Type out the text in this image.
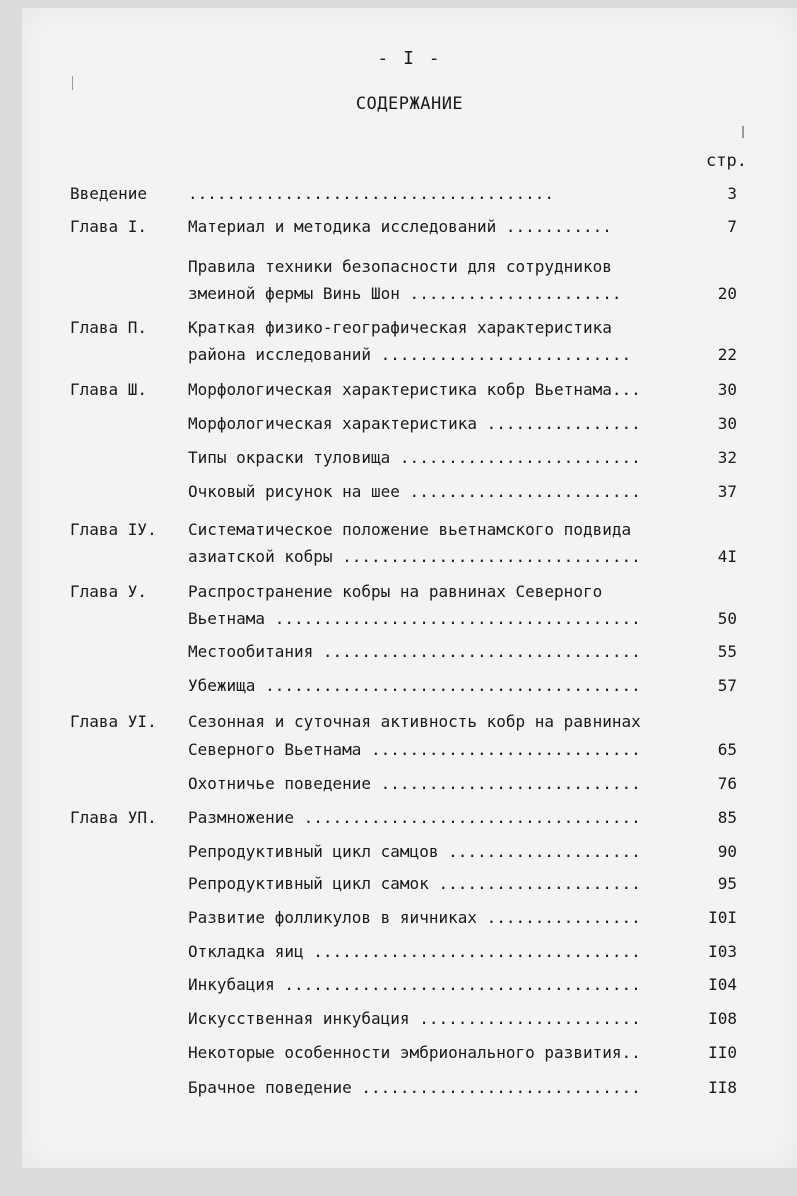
- I -
СОДЕРЖАНИЕ
стр.
Введение	......................................	3
Глава I.	Материал и методика исследований ...........	7
Правила техники безопасности для сотрудников
змеиной фермы Винь Шон ......................	20
Глава П.	Краткая физико-географическая характеристика
района исследований ..........................	22
Глава Ш.	Морфологическая характеристика кобр Вьетнама...	30
Морфологическая характеристика ................	30
Типы окраски туловища .........................	32
Очковый рисунок на шее ........................	37
Глава IУ. Систематическое положение вьетнамского подвида
азиатской кобры ...............................	4I
Глава У.	Распространение кобры на равнинах Северного
Вьетнама ......................................	50
Местообитания .................................	55
Убежища .......................................	57
Глава УI. Сезонная и суточная активность кобр на равнинах
Северного Вьетнама ............................	65
Охотничье поведение ...........................	76
Глава УП. Размножение ...................................	85
Репродуктивный цикл самцов ....................	90
Репродуктивный цикл самок .....................	95
Развитие фолликулов в яичниках ................	I0I
Откладка яиц ..................................	I03
Инкубация .....................................	I04
Искусственная инкубация .......................	I08
Некоторые особенности эмбрионального развития..	II0
Брачное поведение .............................	II8
